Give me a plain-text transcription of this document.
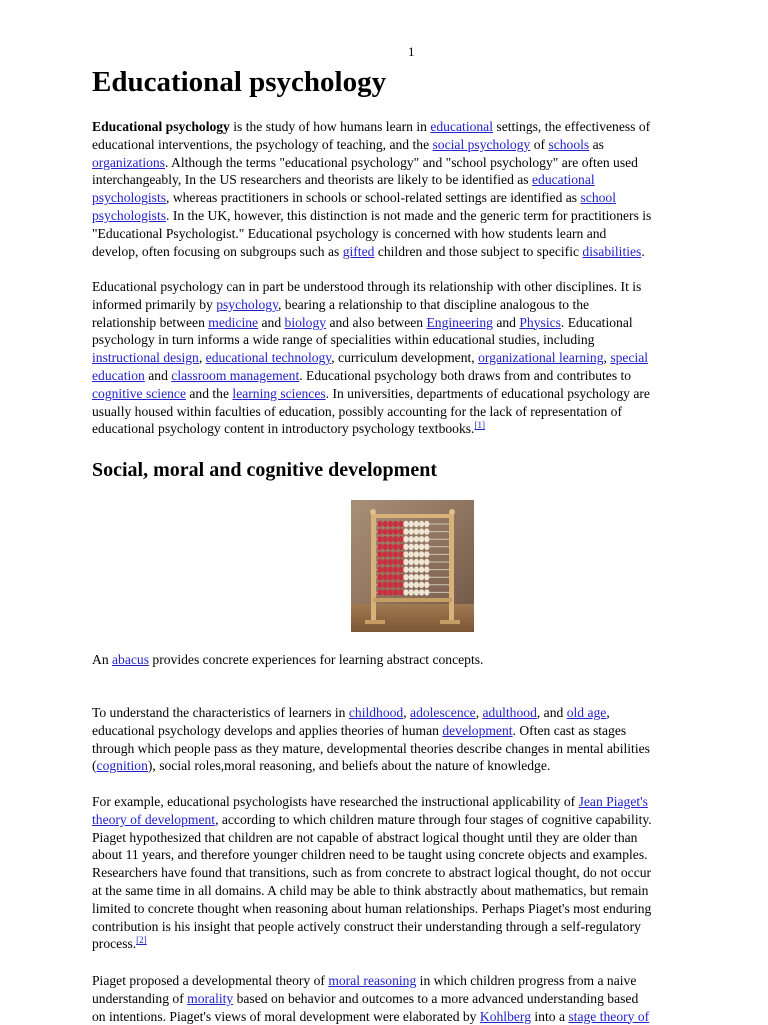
1
Educational psychology

Educational psychology is the study of how humans learn in educational settings, the effectiveness of
educational interventions, the psychology of teaching, and the social psychology of schools as
organizations. Although the terms "educational psychology" and "school psychology" are often used
interchangeably, In the US researchers and theorists are likely to be identified as educational
psychologists, whereas practitioners in schools or school-related settings are identified as school
psychologists. In the UK, however, this distinction is not made and the generic term for practitioners is
"Educational Psychologist." Educational psychology is concerned with how students learn and
develop, often focusing on subgroups such as gifted children and those subject to specific disabilities.

Educational psychology can in part be understood through its relationship with other disciplines. It is
informed primarily by psychology, bearing a relationship to that discipline analogous to the
relationship between medicine and biology and also between Engineering and Physics. Educational
psychology in turn informs a wide range of specialities within educational studies, including
instructional design, educational technology, curriculum development, organizational learning, special
education and classroom management. Educational psychology both draws from and contributes to
cognitive science and the learning sciences. In universities, departments of educational psychology are
usually housed within faculties of education, possibly accounting for the lack of representation of
educational psychology content in introductory psychology textbooks.[1]

Social, moral and cognitive development

An abacus provides concrete experiences for learning abstract concepts.

To understand the characteristics of learners in childhood, adolescence, adulthood, and old age,
educational psychology develops and applies theories of human development. Often cast as stages
through which people pass as they mature, developmental theories describe changes in mental abilities
(cognition), social roles,moral reasoning, and beliefs about the nature of knowledge.

For example, educational psychologists have researched the instructional applicability of Jean Piaget's
theory of development, according to which children mature through four stages of cognitive capability.
Piaget hypothesized that children are not capable of abstract logical thought until they are older than
about 11 years, and therefore younger children need to be taught using concrete objects and examples.
Researchers have found that transitions, such as from concrete to abstract logical thought, do not occur
at the same time in all domains. A child may be able to think abstractly about mathematics, but remain
limited to concrete thought when reasoning about human relationships. Perhaps Piaget's most enduring
contribution is his insight that people actively construct their understanding through a self-regulatory
process.[2]

Piaget proposed a developmental theory of moral reasoning in which children progress from a naive
understanding of morality based on behavior and outcomes to a more advanced understanding based
on intentions. Piaget's views of moral development were elaborated by Kohlberg into a stage theory of
